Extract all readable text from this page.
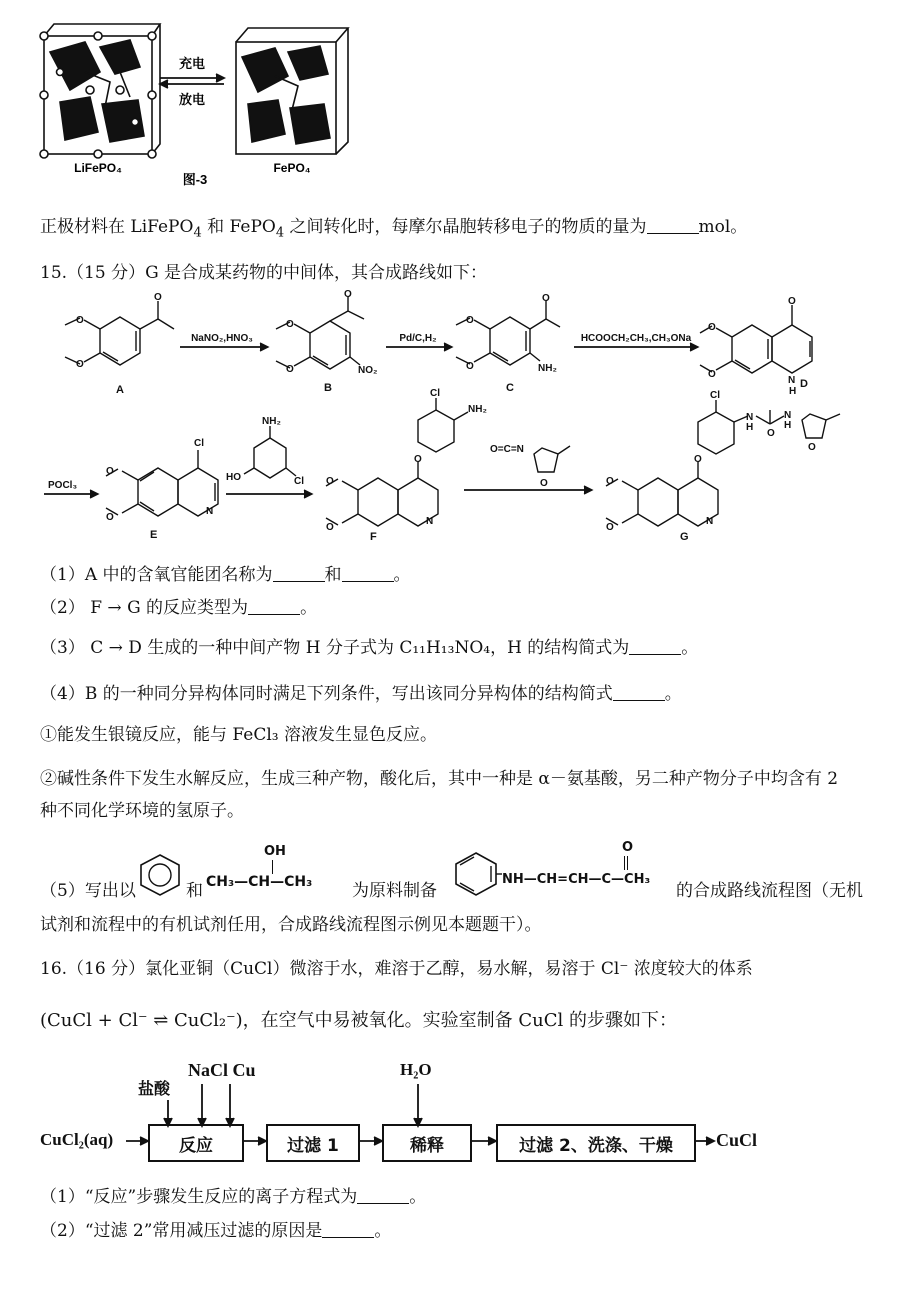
充电
放电
LiFePO₄	FePO₄
图-3
正极材料在 LiFePO$_4$ 和 FePO$_4$ 之间转化时，每摩尔晶胞转移电子的物质的量为	mol。
15.（15 分）G 是合成某药物的中间体，其合成路线如下：
O
O
O
O
O
O
NO₂
O
O
O
NH₂
O
O
O
N
H
NaNO₂,HNO₃	Pd/C,H₂	HCOOCH₂CH₃,CH₃ONa
A	B	C	D
POCl₃
Cl
N
O
O
NH₂
HO	Cl
O
Cl
NH₂
N
O
O
O=C=N
O
O
Cl
N
O
O
N
H
O
N
H
O
E	F	G
（1）A 中的含氧官能团名称为	和	。
（2） F → G 的反应类型为	。
（3） C → D 生成的一种中间产物 H 分子式为 C₁₁H₁₃NO₄，H 的结构简式为	。
（4）B 的一种同分异构体同时满足下列条件，写出该同分异构体的结构简式	。
①能发生银镜反应，能与 FeCl₃ 溶液发生显色反应。
②碱性条件下发生水解反应，生成三种产物，酸化后，其中一种是 α－氨基酸，另二种产物分子中均含有 2
种不同化学环境的氢原子。
（5）写出以	和
OH
CH₃—CH—CH₃ 为原料制备
O
NH—CH=CH—C—CH₃
的合成路线流程图（无机
试剂和流程中的有机试剂任用，合成路线流程图示例见本题题干）。
16.（16 分）氯化亚铜（CuCl）微溶于水，难溶于乙醇，易水解，易溶于 Cl⁻ 浓度较大的体系
(CuCl + Cl⁻ ⇌ CuCl₂⁻)，在空气中易被氧化。实验室制备 CuCl 的步骤如下：
CuCl₂(aq)
盐酸
NaCl Cu	H₂O
反应	过滤 1	稀释	过滤 2、洗涤、干燥	CuCl
（1）“反应”步骤发生反应的离子方程式为	。
（2）“过滤 2”常用减压过滤的原因是	。
